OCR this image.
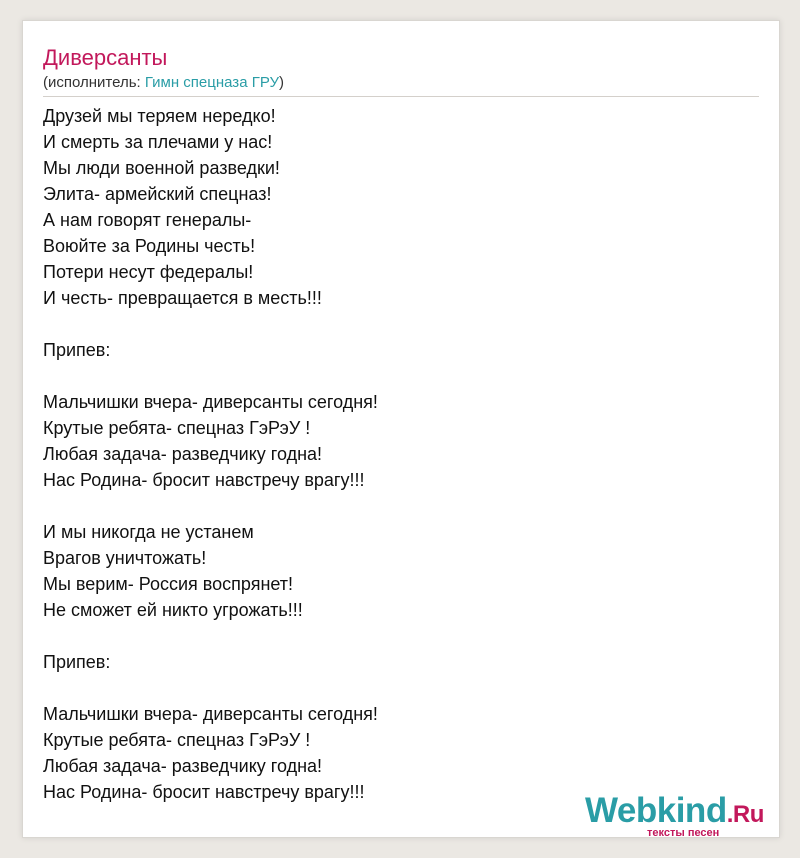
Диверсанты
(исполнитель: Гимн спецназа ГРУ)
Друзей мы теряем нередко!
И смерть за плечами у нас!
Мы люди военной разведки!
Элита- армейский спецназ!
А нам говорят генералы-
Воюйте за Родины честь!
Потери несут федералы!
И честь- превращается в месть!!!
Припев:
Мальчишки вчера- диверсанты сегодня!
Крутые ребята- спецназ ГэРэУ !
Любая задача- разведчику годна!
Нас Родина- бросит навстречу врагу!!!
И мы никогда не устанем
Врагов уничтожать!
Мы верим- Россия воспрянет!
Не сможет ей никто угрожать!!!
Припев:
Мальчишки вчера- диверсанты сегодня!
Крутые ребята- спецназ ГэРэУ !
Любая задача- разведчику годна!
Нас Родина- бросит навстречу врагу!!!	Webkind.Ru
тексты песен
